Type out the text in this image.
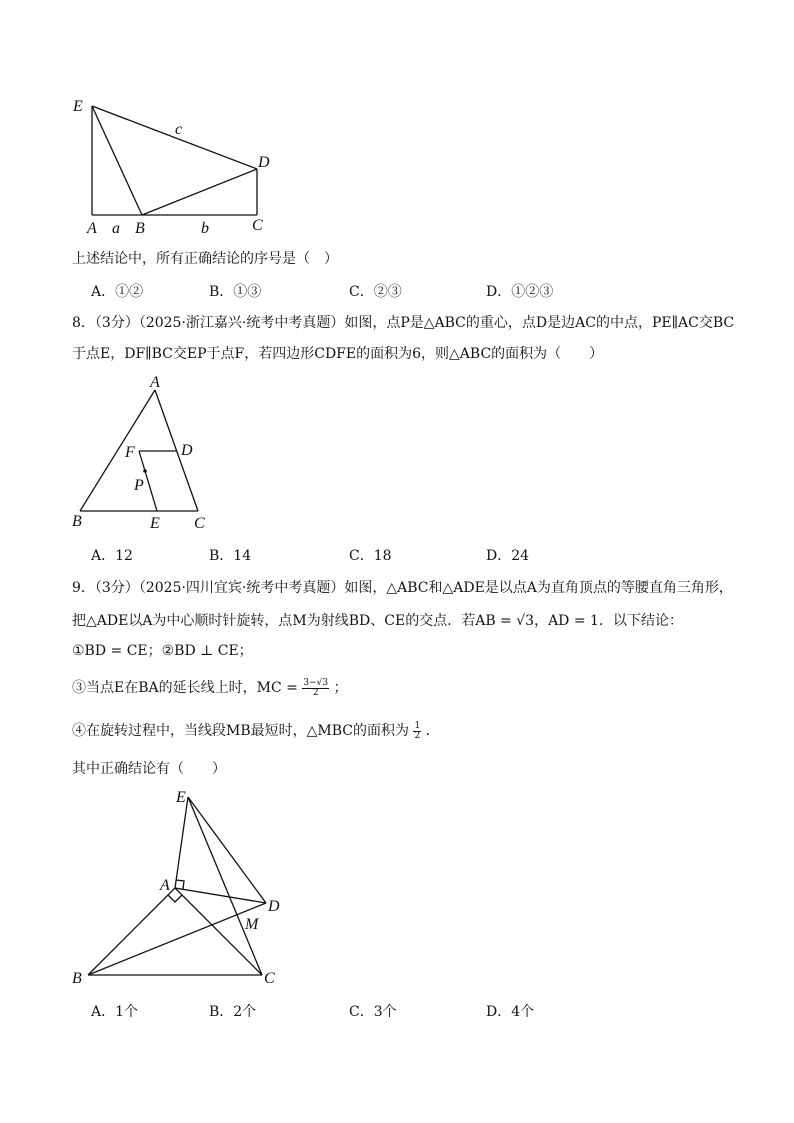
E
A a B	b	C
D
c
上述结论中，所有正确结论的序号是（　）
A．①②	B．①③	C．②③	D．①②③
8．（3分）（2025·浙江嘉兴·统考中考真题）如图，点P是△ABC的重心，点D是边AC的中点，PE∥AC交BC
于点E，DF∥BC交EP于点F，若四边形CDFE的面积为6，则△ABC的面积为（　　）
A
F	D
P
B	E C
A．12	B．14	C．18	D．24
9．（3分）（2025·四川宜宾·统考中考真题）如图，△ABC和△ADE是以点A为直角顶点的等腰直角三角形，
把△ADE以A为中心顺时针旋转，点M为射线BD、CE的交点．若AB = √3，AD = 1．以下结论：
①BD = CE；②BD ⊥ CE；
③当点E在BA的延长线上时，MC = $\frac{3-√3}{2}$ ；
④在旋转过程中，当线段MB最短时，△MBC的面积为 $\frac{1}{2}$ ．
其中正确结论有（　　）
E
A
D
M
B	C
A．1个	B．2个	C．3个	D．4个
